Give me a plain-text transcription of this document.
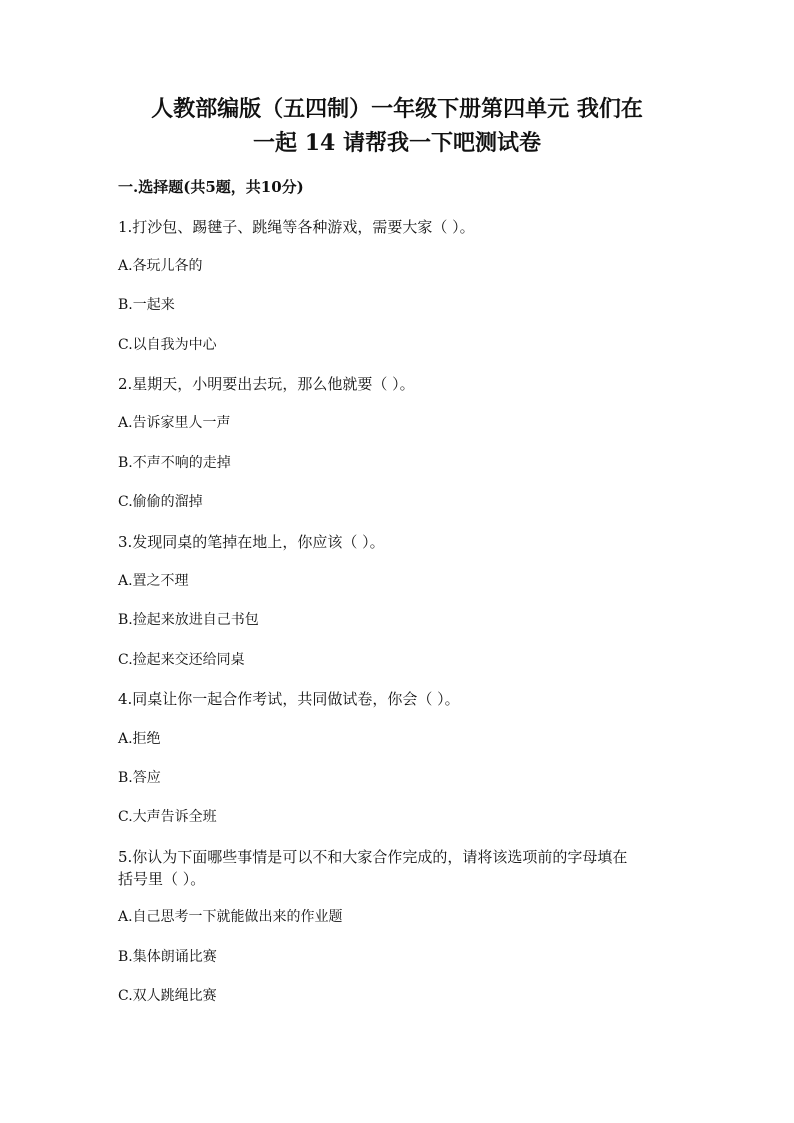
人教部编版（五四制）一年级下册第四单元 我们在
一起 14 请帮我一下吧测试卷
一.选择题(共5题，共10分)
1.打沙包、踢毽子、跳绳等各种游戏，需要大家（ ）。
A.各玩儿各的
B.一起来
C.以自我为中心
2.星期天，小明要出去玩，那么他就要（ ）。
A.告诉家里人一声
B.不声不响的走掉
C.偷偷的溜掉
3.发现同桌的笔掉在地上，你应该（ ）。
A.置之不理
B.捡起来放进自己书包
C.捡起来交还给同桌
4.同桌让你一起合作考试，共同做试卷，你会（ ）。
A.拒绝
B.答应
C.大声告诉全班
5.你认为下面哪些事情是可以不和大家合作完成的，请将该选项前的字母填在
括号里（ ）。
A.自己思考一下就能做出来的作业题
B.集体朗诵比赛
C.双人跳绳比赛
